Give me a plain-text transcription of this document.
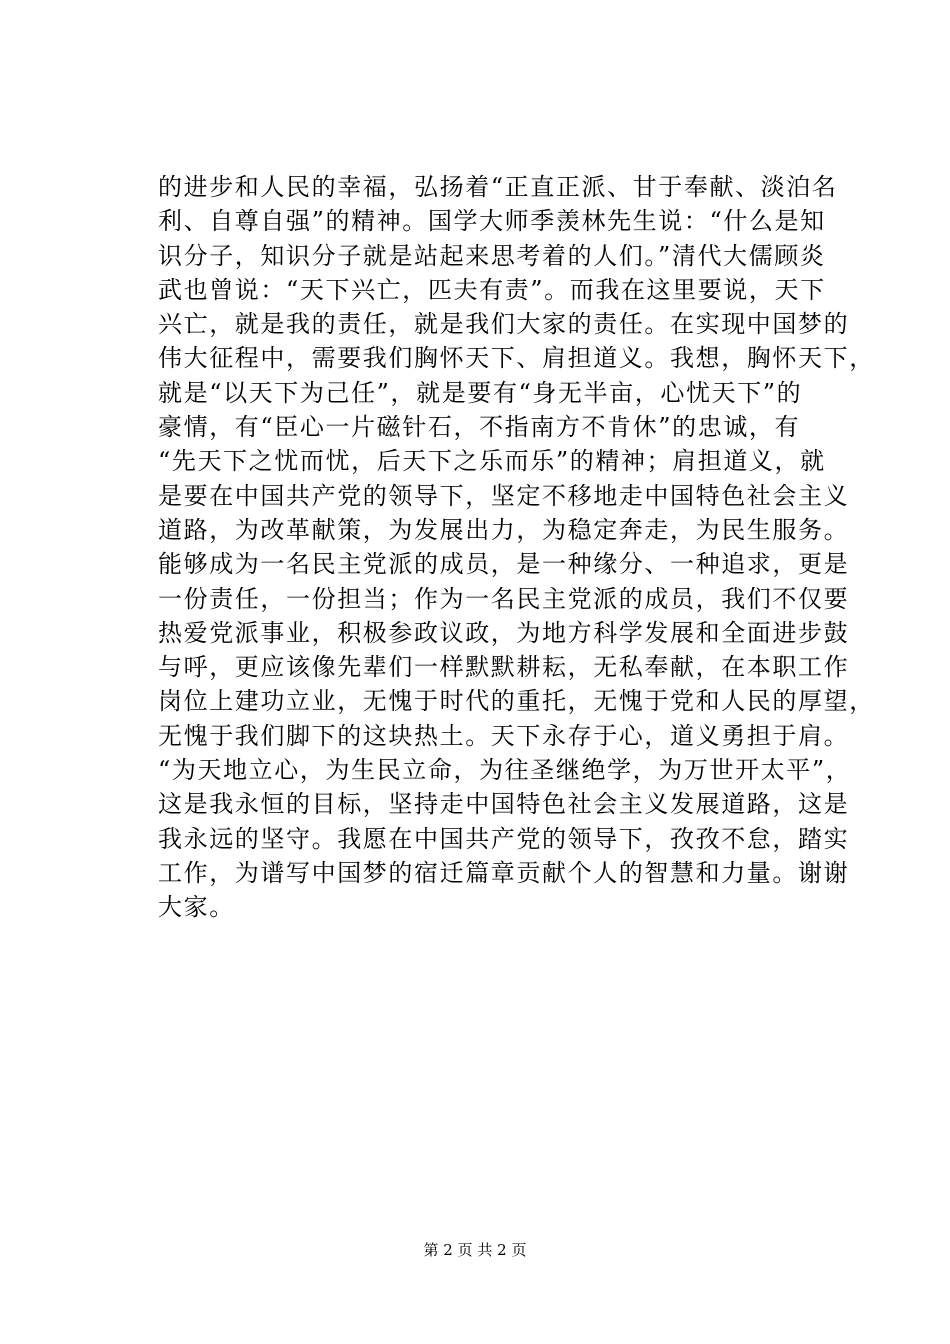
的进步和人民的幸福，弘扬着“正直正派、甘于奉献、淡泊名
利、自尊自强”的精神。国学大师季羡林先生说：“什么是知
识分子，知识分子就是站起来思考着的人们。”清代大儒顾炎
武也曾说：“天下兴亡，匹夫有责”。而我在这里要说，天下
兴亡，就是我的责任，就是我们大家的责任。在实现中国梦的
伟大征程中，需要我们胸怀天下、肩担道义。我想，胸怀天下，
就是“以天下为己任”，就是要有“身无半亩，心忧天下”的
豪情，有“臣心一片磁针石，不指南方不肯休”的忠诚，有
“先天下之忧而忧，后天下之乐而乐”的精神；肩担道义，就
是要在中国共产党的领导下，坚定不移地走中国特色社会主义
道路，为改革献策，为发展出力，为稳定奔走，为民生服务。
能够成为一名民主党派的成员，是一种缘分、一种追求，更是
一份责任，一份担当；作为一名民主党派的成员，我们不仅要
热爱党派事业，积极参政议政，为地方科学发展和全面进步鼓
与呼，更应该像先辈们一样默默耕耘，无私奉献，在本职工作
岗位上建功立业，无愧于时代的重托，无愧于党和人民的厚望，
无愧于我们脚下的这块热土。天下永存于心，道义勇担于肩。
“为天地立心，为生民立命，为往圣继绝学，为万世开太平”，
这是我永恒的目标，坚持走中国特色社会主义发展道路，这是
我永远的坚守。我愿在中国共产党的领导下，孜孜不怠，踏实
工作，为谱写中国梦的宿迁篇章贡献个人的智慧和力量。谢谢
大家。
第 2 页 共 2 页
